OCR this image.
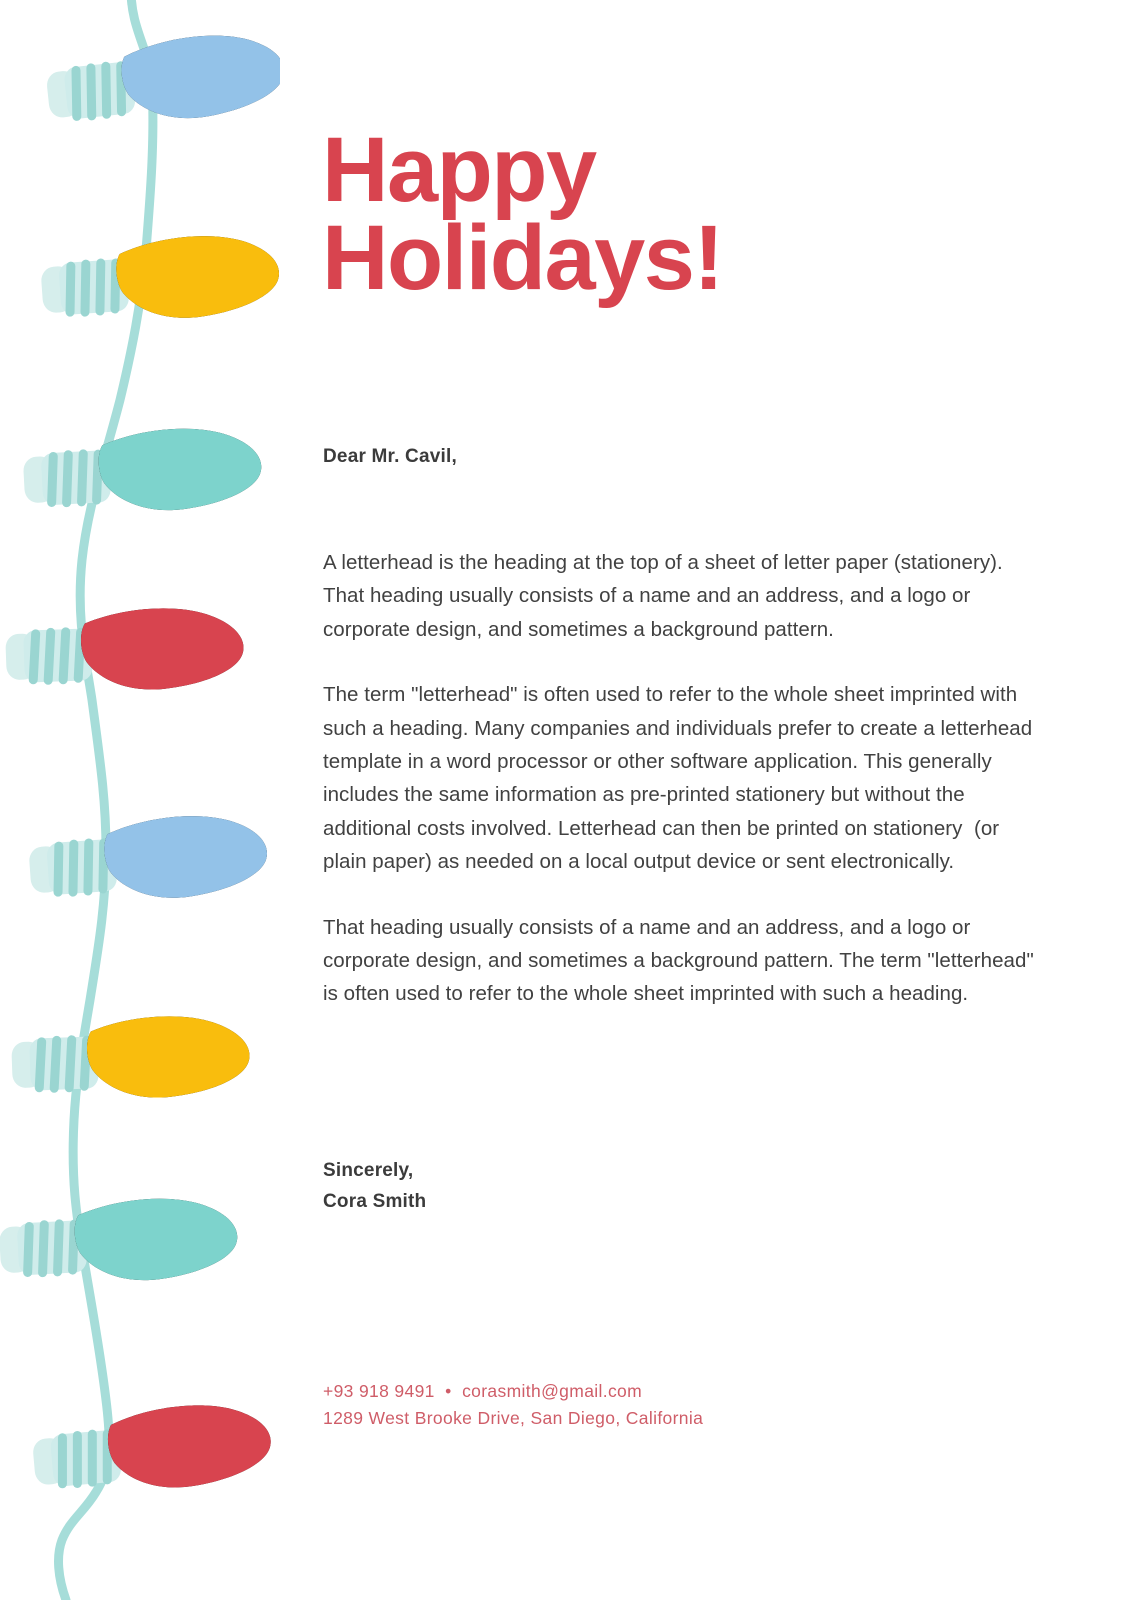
Happy Holidays!
Dear Mr. Cavil,

A letterhead is the heading at the top of a sheet of letter paper (stationery). That heading usually consists of a name and an address, and a logo or corporate design, and sometimes a background pattern.

The term "letterhead" is often used to refer to the whole sheet imprinted with such a heading. Many companies and individuals prefer to create a letterhead template in a word processor or other software application. This generally includes the same information as pre-printed stationery but without the additional costs involved. Letterhead can then be printed on stationery  (or plain paper) as needed on a local output device or sent electronically.

That heading usually consists of a name and an address, and a logo or corporate design, and sometimes a background pattern. The term "letterhead" is often used to refer to the whole sheet imprinted with such a heading.

Sincerely,
Cora Smith
+93 918 9491  •  corasmith@gmail.com
1289 West Brooke Drive, San Diego, California
